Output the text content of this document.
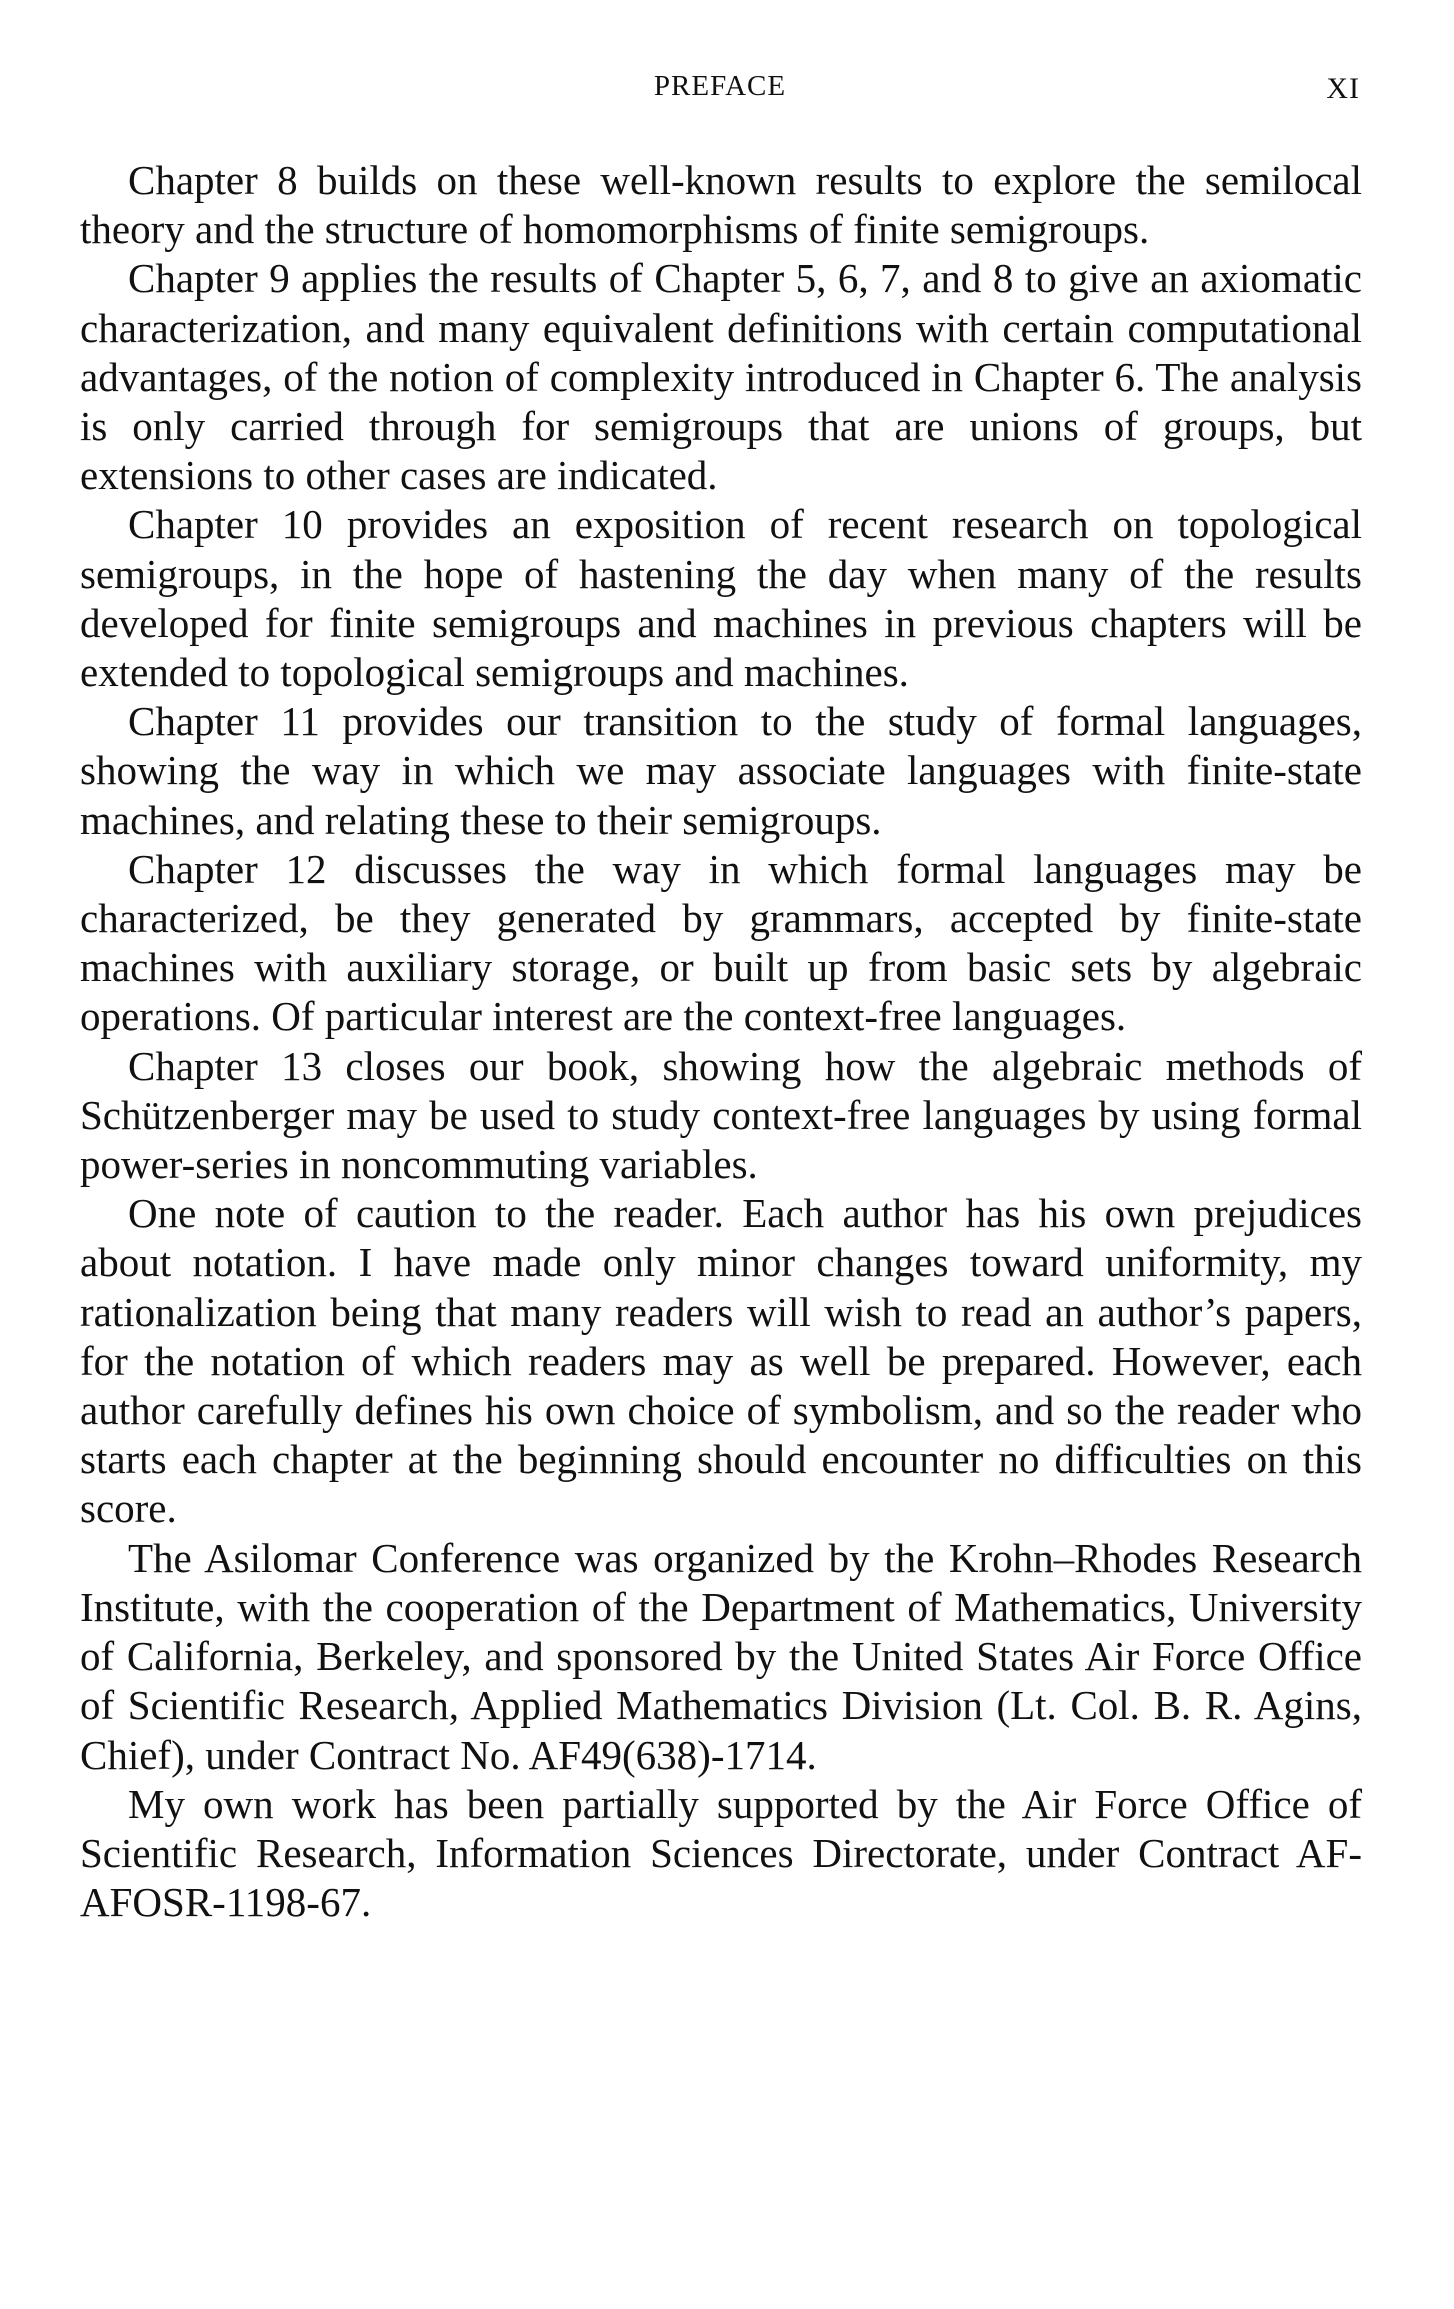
PREFACE	XI

Chapter 8 builds on these well-known results to explore the semilocal theory and the structure of homomorphisms of finite semigroups.

Chapter 9 applies the results of Chapter 5, 6, 7, and 8 to give an axiomatic characterization, and many equivalent definitions with certain computational advantages, of the notion of complexity introduced in Chapter 6. The analysis is only carried through for semigroups that are unions of groups, but extensions to other cases are indicated.

Chapter 10 provides an exposition of recent research on topological semigroups, in the hope of hastening the day when many of the results developed for finite semigroups and machines in previous chapters will be extended to topological semigroups and machines.

Chapter 11 provides our transition to the study of formal languages, showing the way in which we may associate languages with finite-state machines, and relating these to their semigroups.

Chapter 12 discusses the way in which formal languages may be characterized, be they generated by grammars, accepted by finite-state machines with auxiliary storage, or built up from basic sets by algebraic operations. Of particular interest are the context-free languages.

Chapter 13 closes our book, showing how the algebraic methods of Schützenberger may be used to study context-free languages by using formal power-series in noncommuting variables.

One note of caution to the reader. Each author has his own prejudices about notation. I have made only minor changes toward uniformity, my rationalization being that many readers will wish to read an author’s papers, for the notation of which readers may as well be prepared. However, each author carefully defines his own choice of symbolism, and so the reader who starts each chapter at the beginning should encounter no difficulties on this score.

The Asilomar Conference was organized by the Krohn–Rhodes Research Institute, with the cooperation of the Department of Mathematics, University of California, Berkeley, and sponsored by the United States Air Force Office of Scientific Research, Applied Mathematics Division (Lt. Col. B. R. Agins, Chief), under Contract No. AF49(638)-1714.

My own work has been partially supported by the Air Force Office of Scientific Research, Information Sciences Directorate, under Contract AF-AFOSR-1198-67.
